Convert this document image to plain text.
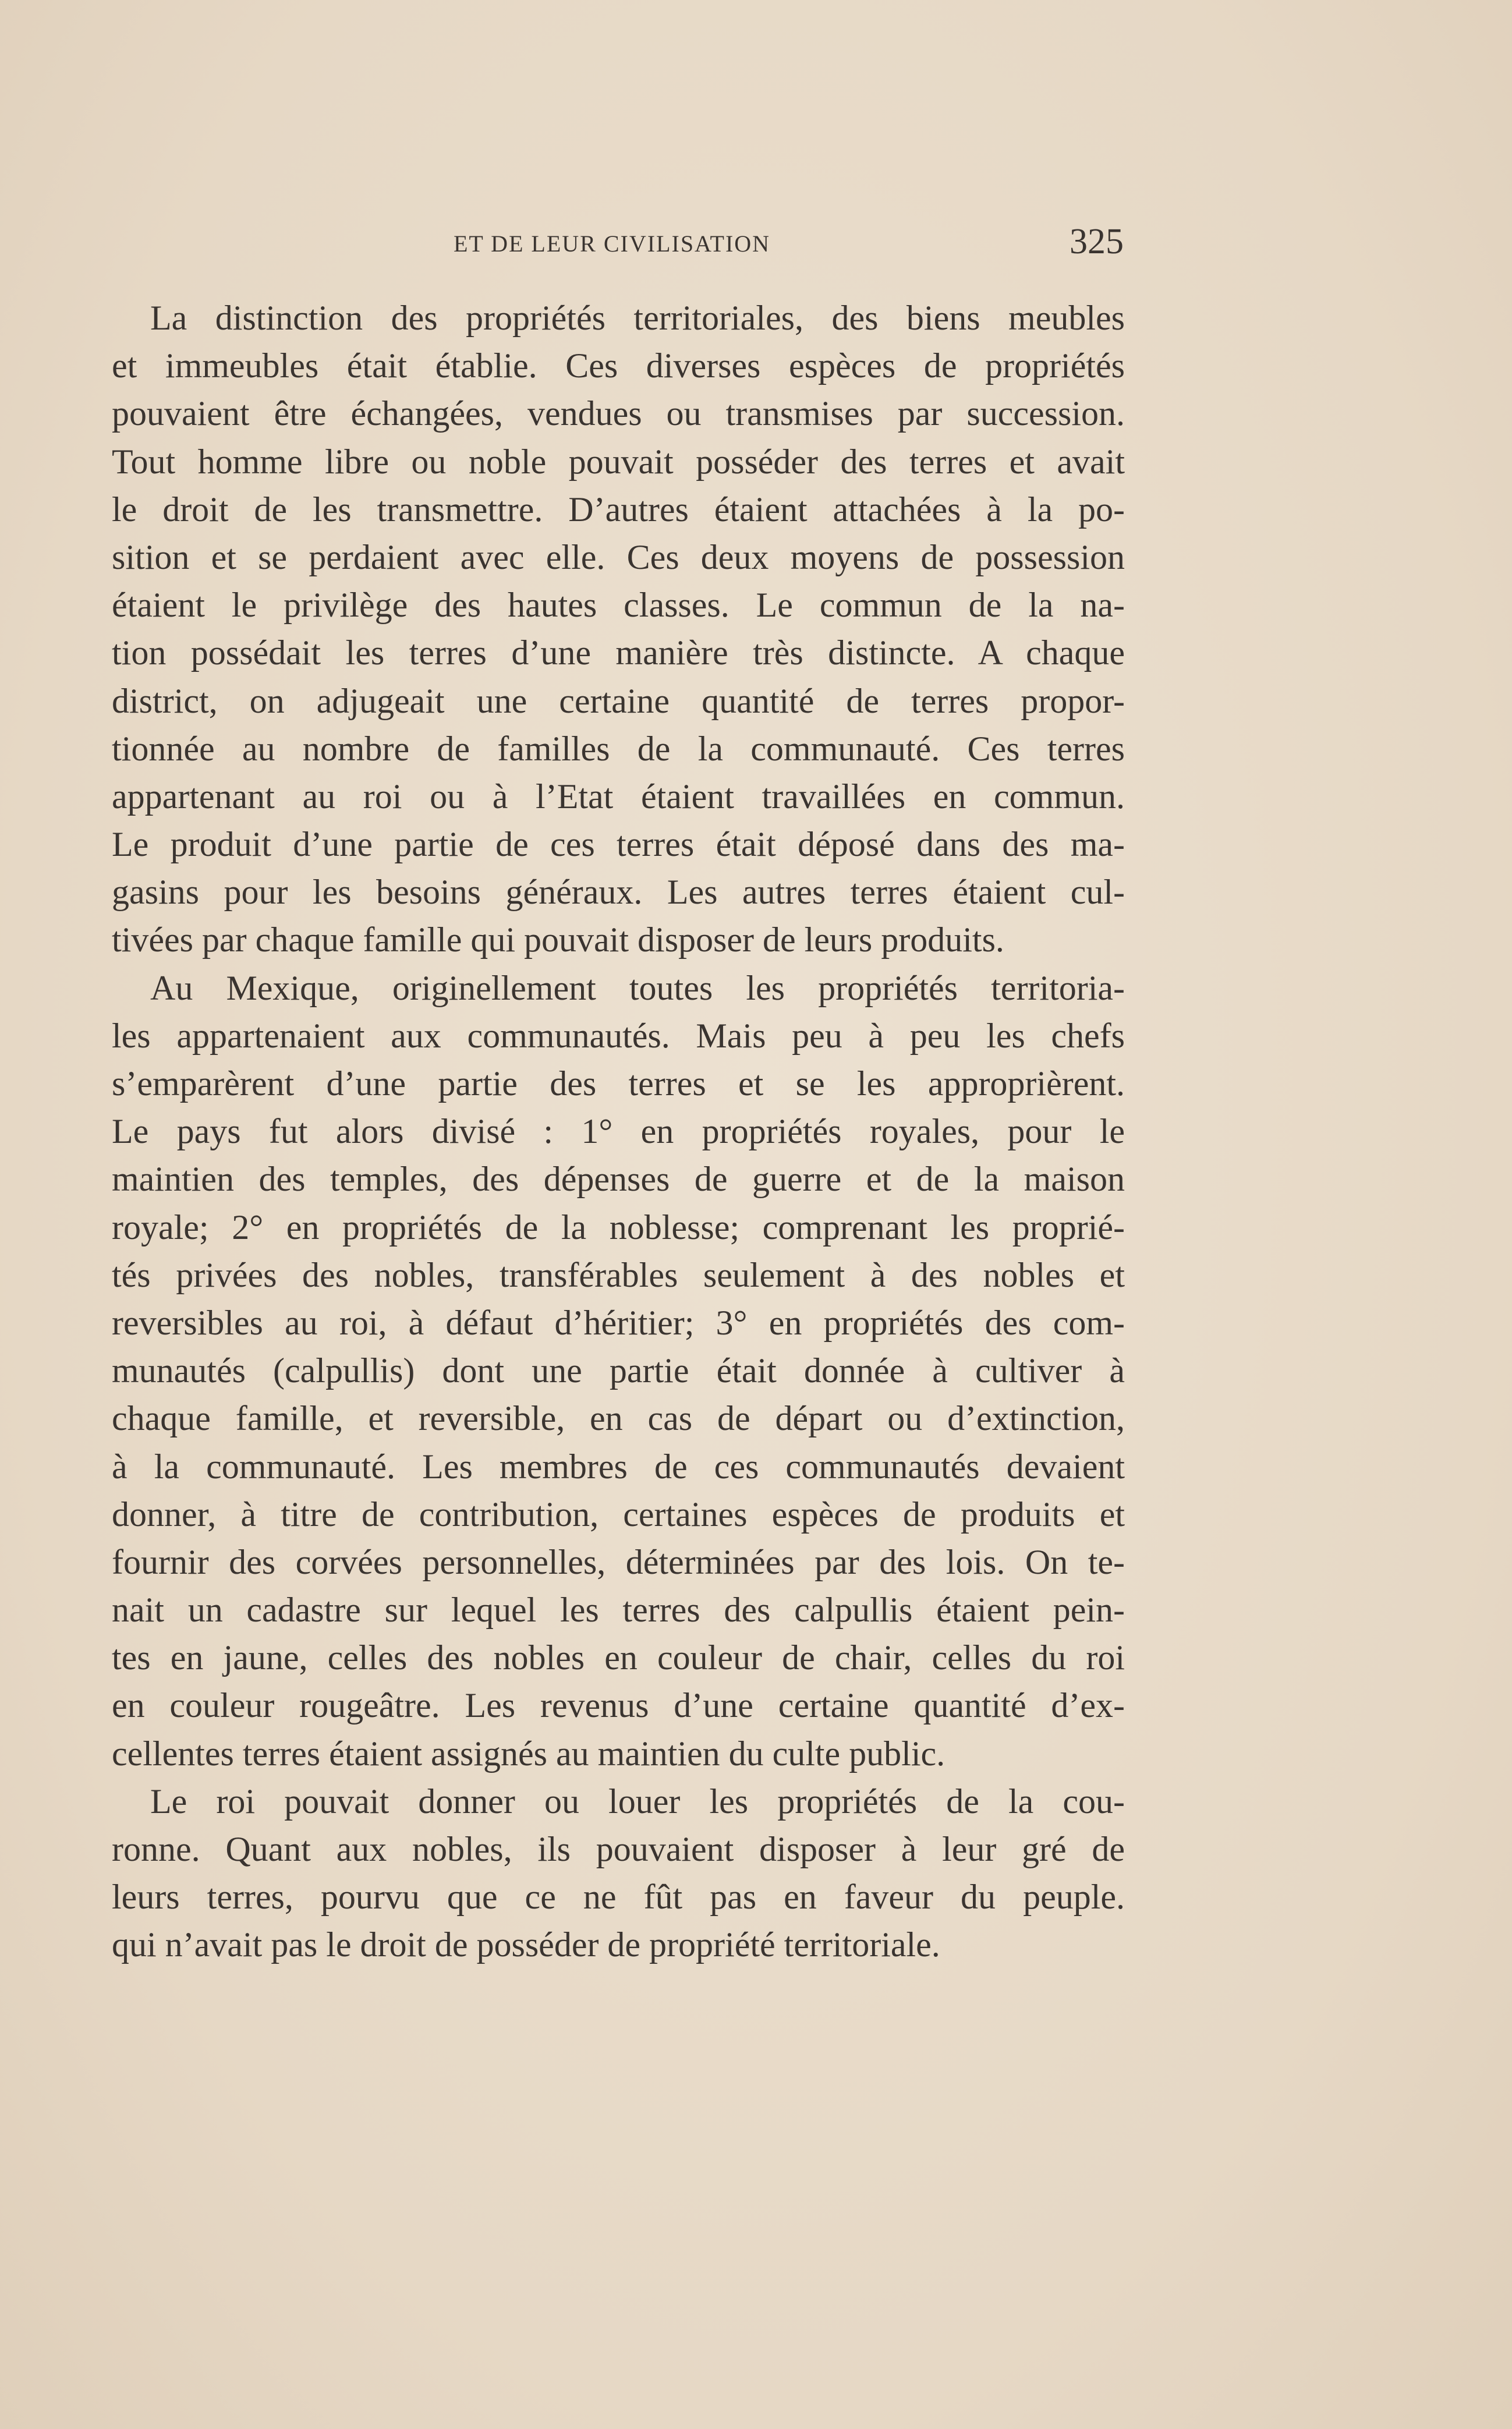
ET DE LEUR CIVILISATION	325
La distinction des propriétés territoriales, des biens meubles
et immeubles était établie. Ces diverses espèces de propriétés
pouvaient être échangées, vendues ou transmises par succession.
Tout homme libre ou noble pouvait posséder des terres et avait
le droit de les transmettre. D’autres étaient attachées à la po-
sition et se perdaient avec elle. Ces deux moyens de possession
étaient le privilège des hautes classes. Le commun de la na-
tion possédait les terres d’une manière très distincte. A chaque
district, on adjugeait une certaine quantité de terres propor-
tionnée au nombre de familles de la communauté. Ces terres
appartenant au roi ou à l’Etat étaient travaillées en commun.
Le produit d’une partie de ces terres était déposé dans des ma-
gasins pour les besoins généraux. Les autres terres étaient cul-
tivées par chaque famille qui pouvait disposer de leurs produits.
Au Mexique, originellement toutes les propriétés territoria-
les appartenaient aux communautés. Mais peu à peu les chefs
s’emparèrent d’une partie des terres et se les approprièrent.
Le pays fut alors divisé : 1° en propriétés royales, pour le
maintien des temples, des dépenses de guerre et de la maison
royale; 2° en propriétés de la noblesse; comprenant les proprié-
tés privées des nobles, transférables seulement à des nobles et
reversibles au roi, à défaut d’héritier; 3° en propriétés des com-
munautés (calpullis) dont une partie était donnée à cultiver à
chaque famille, et reversible, en cas de départ ou d’extinction,
à la communauté. Les membres de ces communautés devaient
donner, à titre de contribution, certaines espèces de produits et
fournir des corvées personnelles, déterminées par des lois. On te-
nait un cadastre sur lequel les terres des calpullis étaient pein-
tes en jaune, celles des nobles en couleur de chair, celles du roi
en couleur rougeâtre. Les revenus d’une certaine quantité d’ex-
cellentes terres étaient assignés au maintien du culte public.
Le roi pouvait donner ou louer les propriétés de la cou-
ronne. Quant aux nobles, ils pouvaient disposer à leur gré de
leurs terres, pourvu que ce ne fût pas en faveur du peuple.
qui n’avait pas le droit de posséder de propriété territoriale.
